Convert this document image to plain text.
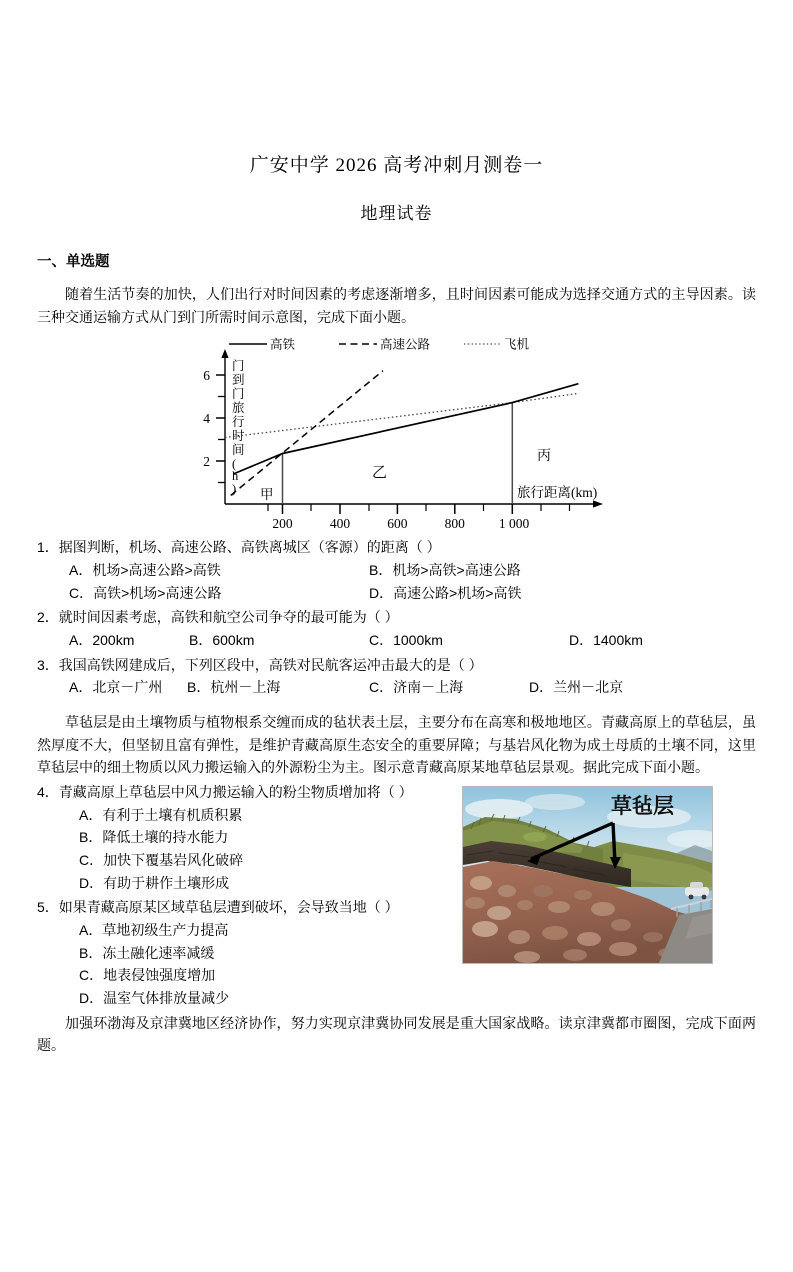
广安中学 2026 高考冲刺月测卷一
地理试卷
一、单选题

随着生活节奏的加快，人们出行对时间因素的考虑逐渐增多，且时间因素可能成为选择交通方式的主导因素。读三种交通运输方式从门到门所需时间示意图，完成下面小题。

高铁	高速公路	飞机
2
4
6
门
到
门
旅
行
时
间
(
h
)
200	400	600	800	1 000
甲
乙
丙
旅行距离(km)
1．据图判断，机场、高速公路、高铁离城区（客源）的距离（ ）
A．机场>高速公路>高铁	B．机场>高铁>高速公路
C．高铁>机场>高速公路	D．高速公路>机场>高铁
2．就时间因素考虑，高铁和航空公司争夺的最可能为（ ）
A．200km	B．600km	C．1000km	D．1400km
3．我国高铁网建成后，下列区段中，高铁对民航客运冲击最大的是（ ）
A．北京－广州	B．杭州－上海	C．济南－上海	D．兰州－北京

草毡层是由土壤物质与植物根系交缠而成的毡状表土层，主要分布在高寒和极地地区。青藏高原上的草毡层，虽然厚度不大，但坚韧且富有弹性，是维护青藏高原生态安全的重要屏障；与基岩风化物为成土母质的土壤不同，这里草毡层中的细土物质以风力搬运输入的外源粉尘为主。图示意青藏高原某地草毡层景观。据此完成下面小题。

草毡层
4．青藏高原上草毡层中风力搬运输入的粉尘物质增加将（ ）
A．有利于土壤有机质积累
B．降低土壤的持水能力
C．加快下覆基岩风化破碎
D．有助于耕作土壤形成
5．如果青藏高原某区域草毡层遭到破坏，会导致当地（ ）
A．草地初级生产力提高
B．冻土融化速率减缓
C．地表侵蚀强度增加
D．温室气体排放量减少

加强环渤海及京津冀地区经济协作，努力实现京津冀协同发展是重大国家战略。读京津冀都市圈图，完成下面两题。
